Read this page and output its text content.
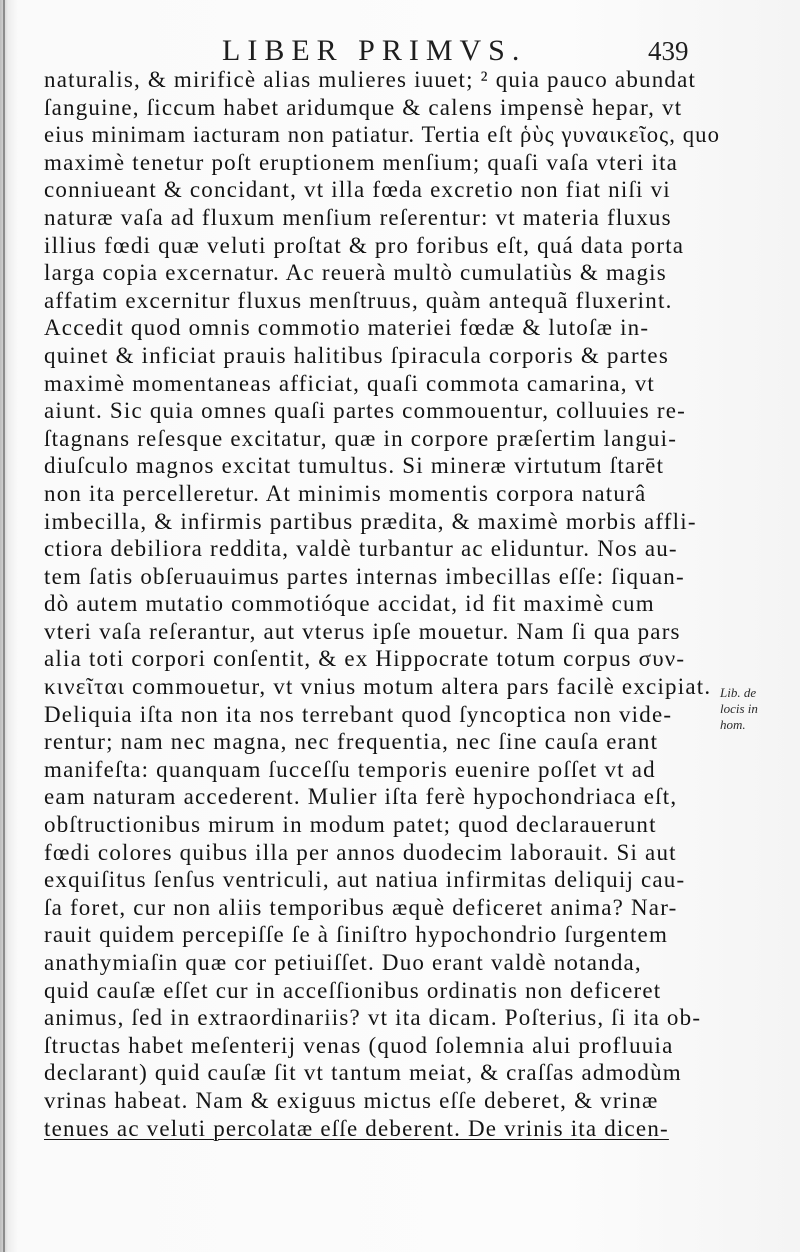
LIBER PRIMVS.	439
naturalis, & mirificè alias mulieres iuuet; ² quia pauco abundat
ſanguine, ſiccum habet aridumque & calens impensè hepar, vt
eius minimam iacturam non patiatur. Tertia eſt ῥὺς γυναικεῖος, quo
maximè tenetur poſt eruptionem menſium; quaſi vaſa vteri ita
conniueant & concidant, vt illa fœda excretio non fiat niſi vi
naturæ vaſa ad fluxum menſium reſerentur: vt materia fluxus
illius fœdi quæ veluti proſtat & pro foribus eſt, quá data porta
larga copia excernatur. Ac reuerà multò cumulatiùs & magis
affatim excernitur fluxus menſtruus, quàm antequã fluxerint.
Accedit quod omnis commotio materiei fœdæ & lutoſæ in-
quinet & inficiat prauis halitibus ſpiracula corporis & partes
maximè momentaneas afficiat, quaſi commota camarina, vt
aiunt. Sic quia omnes quaſi partes commouentur, colluuies re-
ſtagnans reſesque excitatur, quæ in corpore præſertim langui-
diuſculo magnos excitat tumultus. Si mineræ virtutum ſtarēt
non ita percelleretur. At minimis momentis corpora naturâ
imbecilla, & infirmis partibus prædita, & maximè morbis affli-
ctiora debiliora reddita, valdè turbantur ac eliduntur. Nos au-
tem ſatis obſeruauimus partes internas imbecillas eſſe: ſiquan-
dò autem mutatio commotióque accidat, id fit maximè cum
vteri vaſa reſerantur, aut vterus ipſe mouetur. Nam ſi qua pars
alia toti corpori conſentit, & ex Hippocrate totum corpus συν-
κινεῖται commouetur, vt vnius motum altera pars facilè excipiat.
Deliquia iſta non ita nos terrebant quod ſyncoptica non vide-
rentur; nam nec magna, nec frequentia, nec ſine cauſa erant
manifeſta: quanquam ſucceſſu temporis euenire poſſet vt ad
eam naturam accederent. Mulier iſta ferè hypochondriaca eſt,
obſtructionibus mirum in modum patet; quod declarauerunt
fœdi colores quibus illa per annos duodecim laborauit. Si aut
exquiſitus ſenſus ventriculi, aut natiua infirmitas deliquij cau-
ſa foret, cur non aliis temporibus æquè deficeret anima? Nar-
rauit quidem percepiſſe ſe à ſiniſtro hypochondrio ſurgentem
anathymiaſin quæ cor petiuiſſet. Duo erant valdè notanda,
quid cauſæ eſſet cur in acceſſionibus ordinatis non deficeret
animus, ſed in extraordinariis? vt ita dicam. Poſterius, ſi ita ob-
ſtructas habet meſenterij venas (quod ſolemnia alui profluuia
declarant) quid cauſæ ſit vt tantum meiat, & craſſas admodùm
vrinas habeat. Nam & exiguus mictus eſſe deberet, & vrinæ
tenues ac veluti percolatæ eſſe deberent. De vrinis ita dicen-
Lib. de
locis in
hom.
